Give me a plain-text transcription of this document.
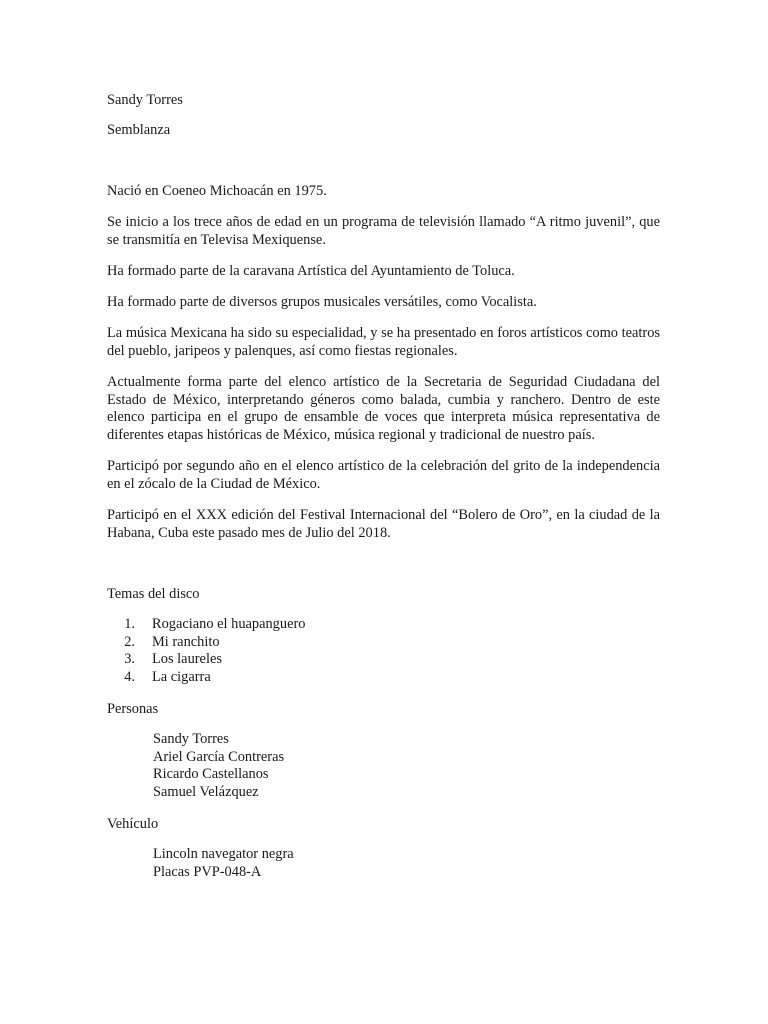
Sandy Torres

Semblanza

Nació en Coeneo Michoacán en 1975.

Se inicio a los trece años de edad en un programa de televisión llamado “A ritmo juvenil”, que se transmitía en Televisa Mexiquense.

Ha formado parte de la caravana Artística del Ayuntamiento de Toluca.

Ha formado parte de diversos grupos musicales versátiles, como Vocalista.

La música Mexicana ha sido su especialidad, y se ha presentado en foros artísticos como teatros del pueblo, jaripeos y palenques, así como fiestas regionales.

Actualmente forma parte del elenco artístico de la Secretaria de Seguridad Ciudadana del Estado de México, interpretando géneros como balada, cumbia y ranchero. Dentro de este elenco participa en el grupo de ensamble de voces que interpreta música representativa de diferentes etapas históricas de México, música regional y tradicional de nuestro país.

Participó por segundo año en el elenco artístico de la celebración del grito de la independencia en el zócalo de la Ciudad de México.

Participó en el XXX edición del Festival Internacional del “Bolero de Oro”, en la ciudad de la Habana, Cuba este pasado mes de Julio del 2018.

Temas del disco

1.	Rogaciano el huapanguero
2.	Mi ranchito
3.	Los laureles
4.	La cigarra

Personas

Sandy Torres
Ariel García Contreras
Ricardo Castellanos
Samuel Velázquez

Vehículo

Lincoln navegator negra
Placas PVP-048-A
